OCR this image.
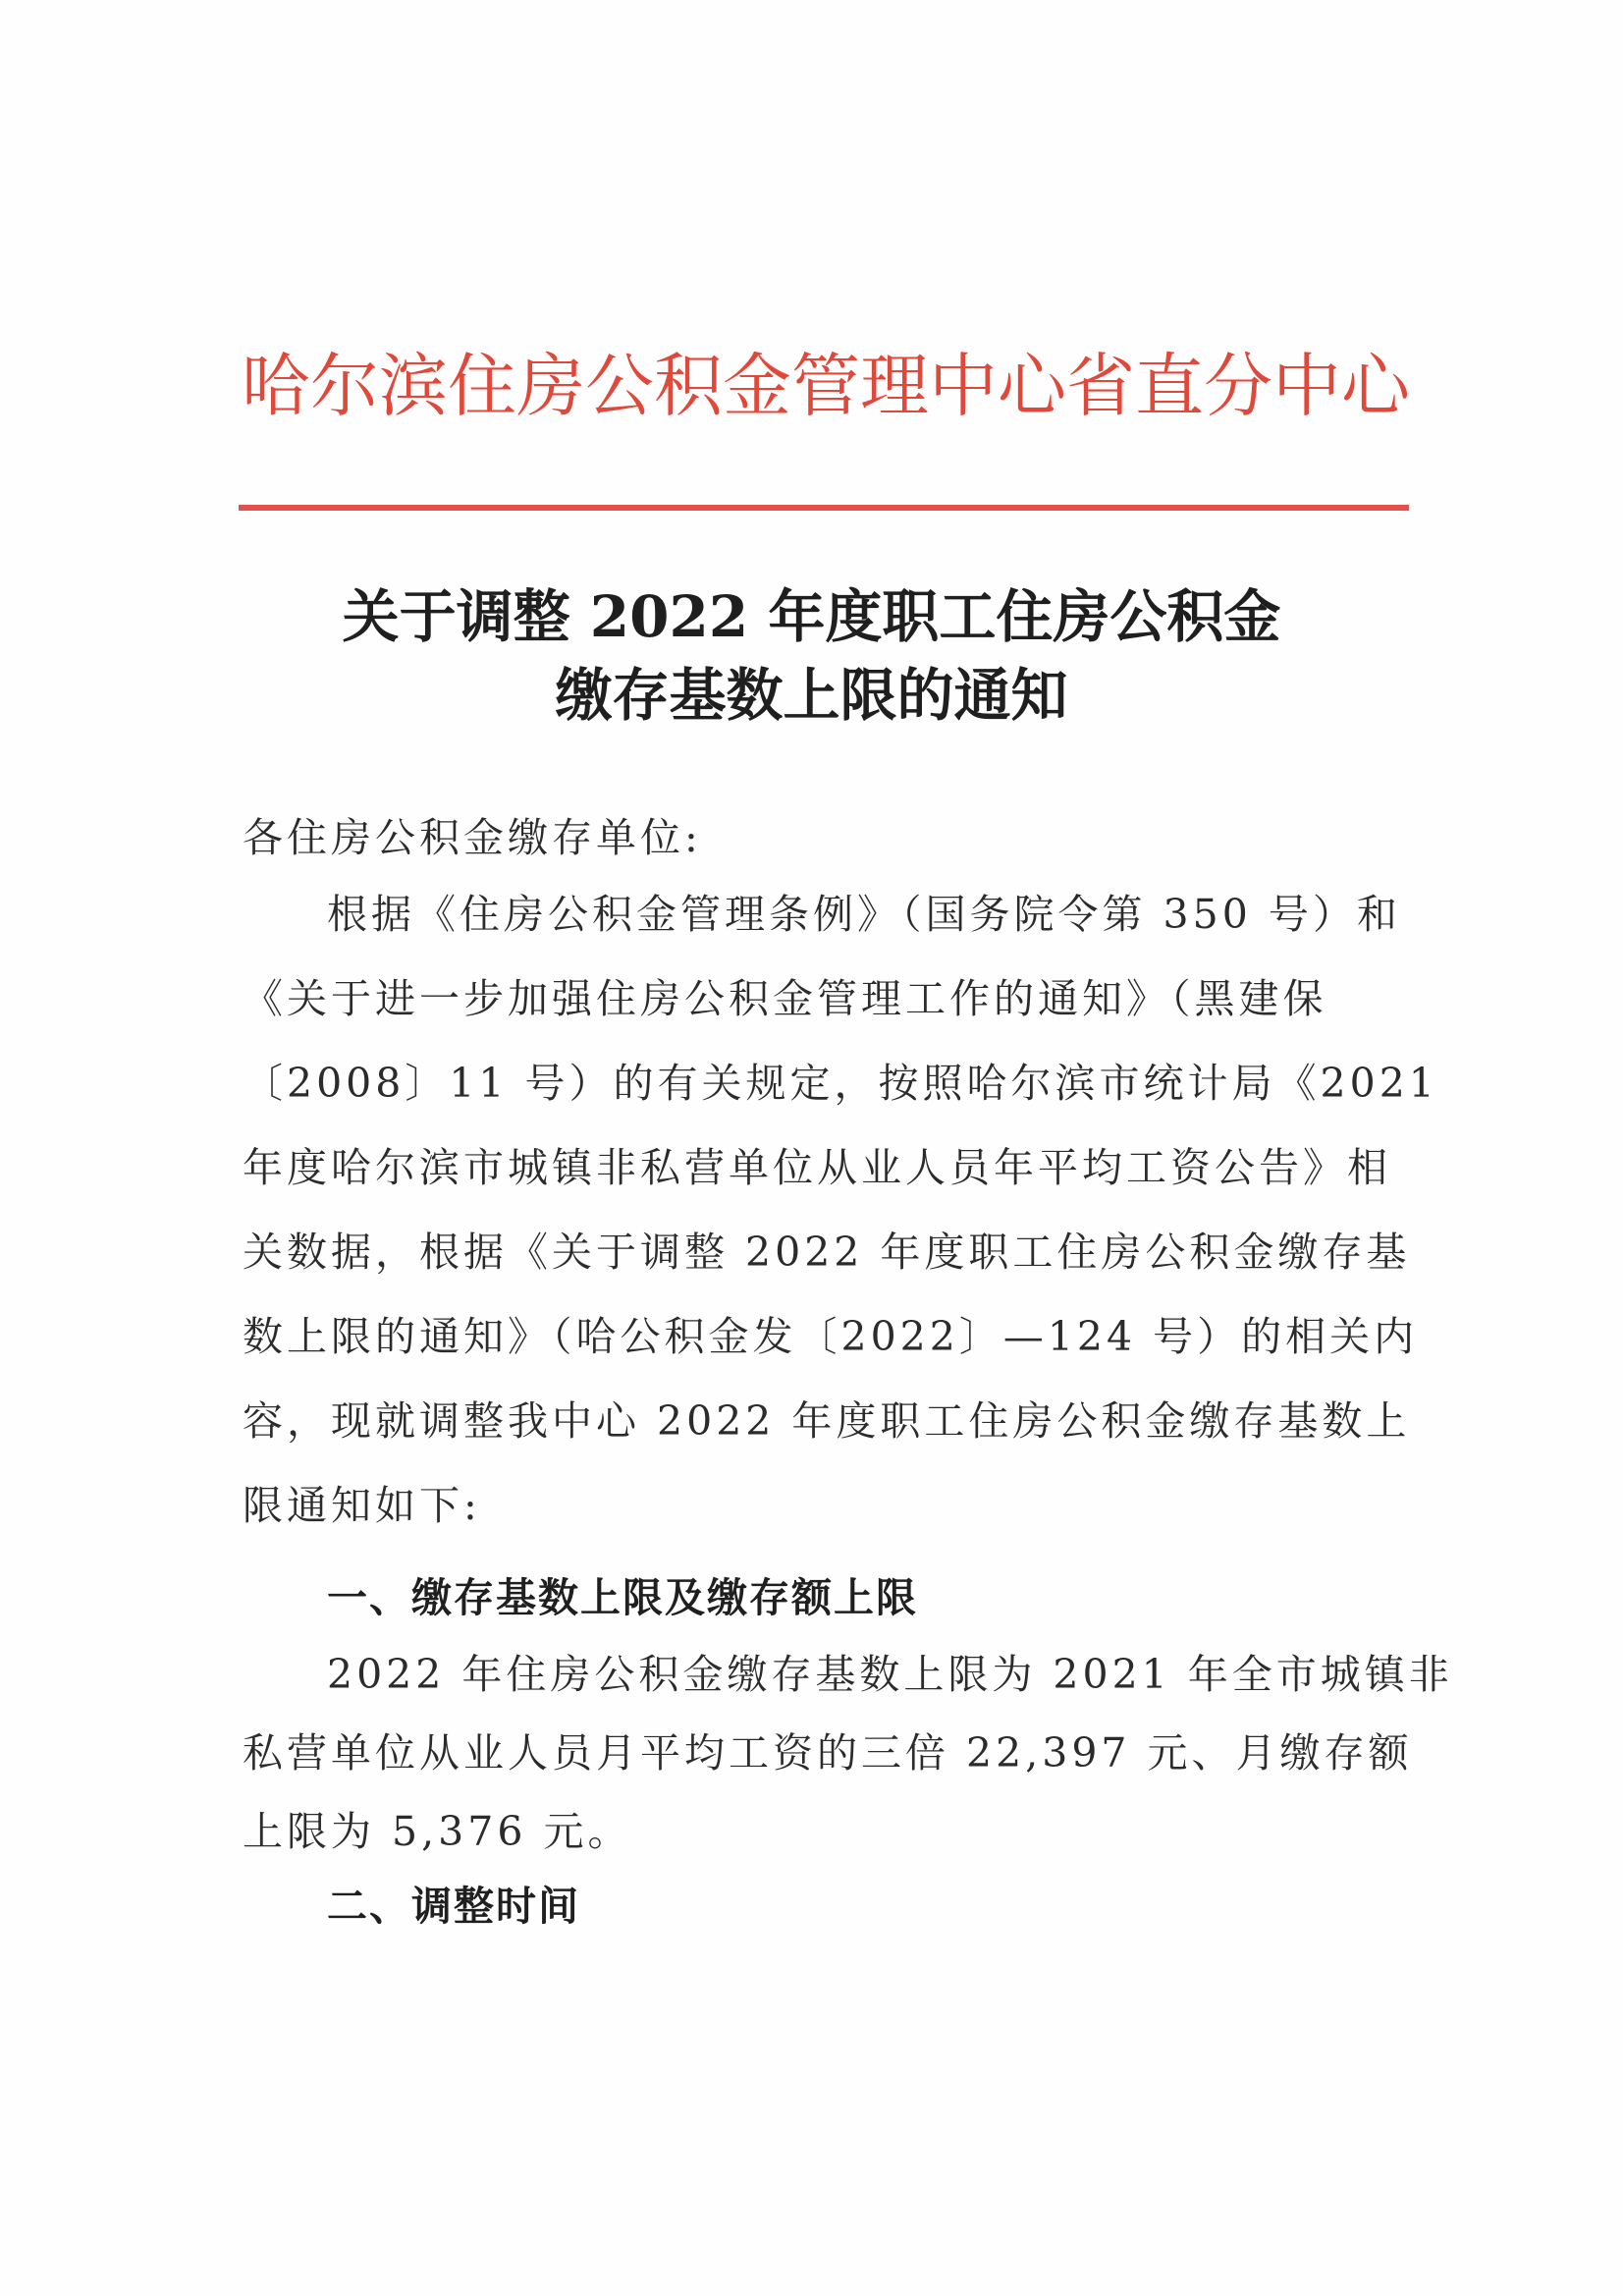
哈尔滨住房公积金管理中心省直分中心
关于调整 2022 年度职工住房公积金
缴存基数上限的通知
各住房公积金缴存单位:
根据《住房公积金管理条例》（国务院令第 350 号）和
《关于进一步加强住房公积金管理工作的通知》（黑建保
〔2008〕11 号）的有关规定，按照哈尔滨市统计局《2021
年度哈尔滨市城镇非私营单位从业人员年平均工资公告》相
关数据，根据《关于调整 2022 年度职工住房公积金缴存基
数上限的通知》（哈公积金发〔2022〕—124 号）的相关内
容，现就调整我中心 2022 年度职工住房公积金缴存基数上
限通知如下:
一、缴存基数上限及缴存额上限
2022 年住房公积金缴存基数上限为 2021 年全市城镇非
私营单位从业人员月平均工资的三倍 22,397 元、月缴存额
上限为 5,376 元。
二、调整时间
